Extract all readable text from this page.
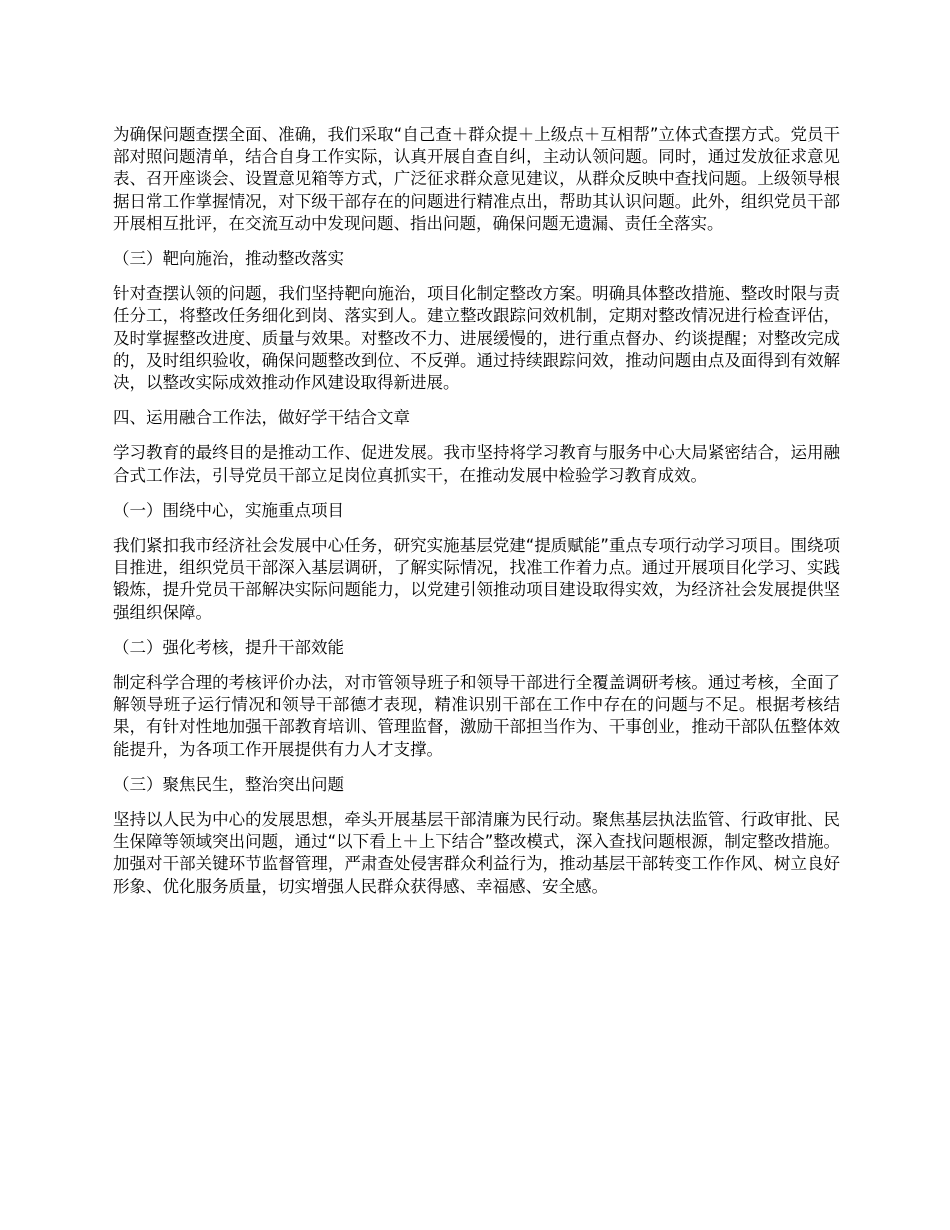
为确保问题查摆全面、准确，我们采取“自己查＋群众提＋上级点＋互相帮”立体式查摆方式。党员干部对照问题清单，结合自身工作实际，认真开展自查自纠，主动认领问题。同时，通过发放征求意见表、召开座谈会、设置意见箱等方式，广泛征求群众意见建议，从群众反映中查找问题。上级领导根据日常工作掌握情况，对下级干部存在的问题进行精准点出，帮助其认识问题。此外，组织党员干部开展相互批评，在交流互动中发现问题、指出问题，确保问题无遗漏、责任全落实。

（三）靶向施治，推动整改落实

针对查摆认领的问题，我们坚持靶向施治，项目化制定整改方案。明确具体整改措施、整改时限与责任分工，将整改任务细化到岗、落实到人。建立整改跟踪问效机制，定期对整改情况进行检查评估，及时掌握整改进度、质量与效果。对整改不力、进展缓慢的，进行重点督办、约谈提醒；对整改完成的，及时组织验收，确保问题整改到位、不反弹。通过持续跟踪问效，推动问题由点及面得到有效解决，以整改实际成效推动作风建设取得新进展。

四、运用融合工作法，做好学干结合文章

学习教育的最终目的是推动工作、促进发展。我市坚持将学习教育与服务中心大局紧密结合，运用融合式工作法，引导党员干部立足岗位真抓实干，在推动发展中检验学习教育成效。

（一）围绕中心，实施重点项目

我们紧扣我市经济社会发展中心任务，研究实施基层党建“提质赋能”重点专项行动学习项目。围绕项目推进，组织党员干部深入基层调研，了解实际情况，找准工作着力点。通过开展项目化学习、实践锻炼，提升党员干部解决实际问题能力，以党建引领推动项目建设取得实效，为经济社会发展提供坚强组织保障。

（二）强化考核，提升干部效能

制定科学合理的考核评价办法，对市管领导班子和领导干部进行全覆盖调研考核。通过考核，全面了解领导班子运行情况和领导干部德才表现，精准识别干部在工作中存在的问题与不足。根据考核结果，有针对性地加强干部教育培训、管理监督，激励干部担当作为、干事创业，推动干部队伍整体效能提升，为各项工作开展提供有力人才支撑。

（三）聚焦民生，整治突出问题

坚持以人民为中心的发展思想，牵头开展基层干部清廉为民行动。聚焦基层执法监管、行政审批、民生保障等领域突出问题，通过“以下看上＋上下结合”整改模式，深入查找问题根源，制定整改措施。加强对干部关键环节监督管理，严肃查处侵害群众利益行为，推动基层干部转变工作作风、树立良好形象、优化服务质量，切实增强人民群众获得感、幸福感、安全感。
